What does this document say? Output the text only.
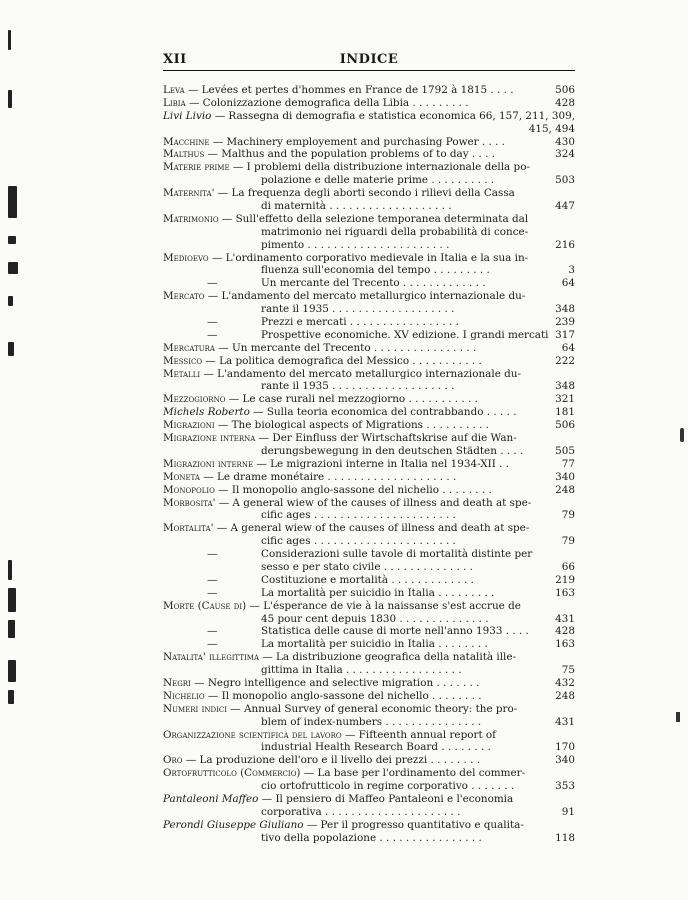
XII	INDICE
Leva — Levées et pertes d'hommes en France de 1792 à 1815 . . . .	506
Libia — Colonizzazione demografica della Libia . . . . . . . . .	428
Livi Livio — Rassegna di demografia e statistica economica 66, 157, 211, 309,
415, 494
Macchine — Machinery employement and purchasing Power . . . .	430
Malthus — Malthus and the population problems of to day . . . .	324
Materie prime — I problemi della distribuzione internazionale della po-
polazione e delle materie prime . . . . . . . . . .	503
Maternita' — La frequenza degli aborti secondo i rilievi della Cassa
di maternità . . . . . . . . . . . . . . . . . . .	447
Matrimonio — Sull'effetto della selezione temporanea determinata dal
matrimonio nei riguardi della probabilità di conce-
pimento . . . . . . . . . . . . . . . . . . . . . .	216
Medioevo — L'ordinamento corporativo medievale in Italia e la sua in-
fluenza sull'economia del tempo . . . . . . . . .	3
—	Un mercante del Trecento . . . . . . . . . . . . .	64
Mercato — L'andamento del mercato metallurgico internazionale du-
rante il 1935 . . . . . . . . . . . . . . . . . . .	348
—	Prezzi e mercati . . . . . . . . . . . . . . . . .	239
—	Prospettive economiche. XV edizione. I grandi mercati 317
Mercatura — Un mercante del Trecento . . . . . . . . . . . . . . . .	64
Messico — La politica demografica del Messico . . . . . . . . . . .	222
Metalli — L'andamento del mercato metallurgico internazionale du-
rante il 1935 . . . . . . . . . . . . . . . . . . .	348
Mezzogiorno — Le case rurali nel mezzogiorno . . . . . . . . . . .	321
Michels Roberto — Sulla teoria economica del contrabbando . . . . .	181
Migrazioni — The biological aspects of Migrations . . . . . . . . . .	506
Migrazione interna — Der Einfluss der Wirtschaftskrise auf die Wan-
derungsbewegung in den deutschen Städten . . . .	505
Migrazioni interne — Le migrazioni interne in Italia nel 1934-XII . .	77
Moneta — Le drame monétaire . . . . . . . . . . . . . . . . . . . .	340
Monopolio — Il monopolio anglo-sassone del nichelio . . . . . . . .	248
Morbosita' — A general wiew of the causes of illness and death at spe-
cific ages . . . . . . . . . . . . . . . . . . . . . .	79
Mortalita' — A general wiew of the causes of illness and death at spe-
cific ages . . . . . . . . . . . . . . . . . . . . . .	79
—	Considerazioni sulle tavole di mortalità distinte per
sesso e per stato civile . . . . . . . . . . . . . .	66
—	Costituzione e mortalità . . . . . . . . . . . . .	219
—	La mortalità per suicidio in Italia . . . . . . . . .	163
Morte (Cause di) — L'ésperance de vie à la naissanse s'est accrue de
45 pour cent depuis 1830 . . . . . . . . . . . . . .	431
—	Statistica delle cause di morte nell'anno 1933 . . . .	428
—	La mortalità per suicidio in Italia . . . . . . . .	163
Natalita' illegittima — La distribuzione geografica della natalità ille-
gittima in Italia . . . . . . . . . . . . . . . . . .	75
Negri — Negro intelligence and selective migration . . . . . . .	432
Nichelio — Il monopolio anglo-sassone del nichello . . . . . . . .	248
Numeri indici — Annual Survey of general economic theory: the pro-
blem of index-numbers . . . . . . . . . . . . . . .	431
Organizzazione scientifica del lavoro — Fifteenth annual report of
industrial Health Research Board . . . . . . . .	170
Oro — La produzione dell'oro e il livello dei prezzi . . . . . . . .	340
Ortofrutticolo (Commercio) — La base per l'ordinamento del commer-
cio ortofrutticolo in regime corporativo . . . . . . .	353
Pantaleoni Maffeo — Il pensiero di Maffeo Pantaleoni e l'economia
corporativa . . . . . . . . . . . . . . . . . . . . .	91
Perondi Giuseppe Giuliano — Per il progresso quantitativo e qualita-
tivo della popolazione . . . . . . . . . . . . . . . .	118
